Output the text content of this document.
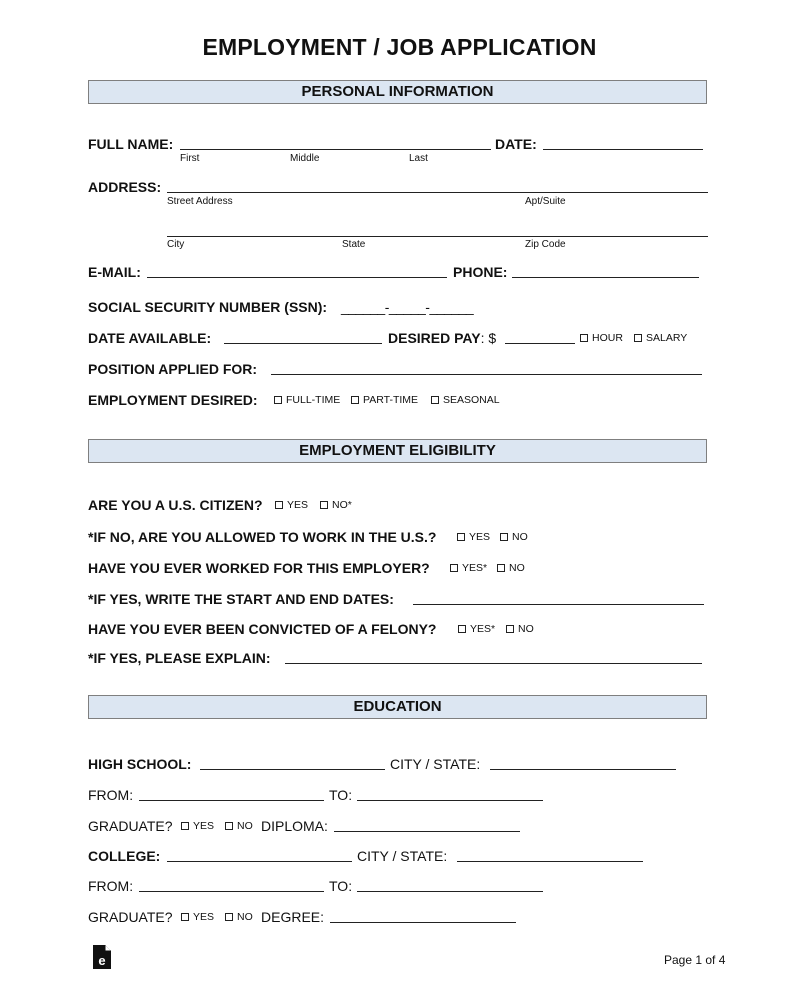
EMPLOYMENT / JOB APPLICATION
PERSONAL INFORMATION
FULL NAME:	DATE:
First	Middle	Last
ADDRESS:
Street Address	Apt/Suite
City	State	Zip Code
E-MAIL:	PHONE:
SOCIAL SECURITY NUMBER (SSN): ______-_____-______
DATE AVAILABLE:	DESIRED PAY: $	HOUR SALARY
POSITION APPLIED FOR:
EMPLOYMENT DESIRED:	FULL-TIME PART-TIME SEASONAL
EMPLOYMENT ELIGIBILITY
ARE YOU A U.S. CITIZEN? YES NO*
*IF NO, ARE YOU ALLOWED TO WORK IN THE U.S.?	YES NO
HAVE YOU EVER WORKED FOR THIS EMPLOYER?	YES* NO
*IF YES, WRITE THE START AND END DATES:
HAVE YOU EVER BEEN CONVICTED OF A FELONY?	YES* NO
*IF YES, PLEASE EXPLAIN:
EDUCATION
HIGH SCHOOL:	CITY / STATE:
FROM:	TO:
GRADUATE? YES NO DIPLOMA:
COLLEGE:	CITY / STATE:
FROM:	TO:
GRADUATE? YES NO DEGREE:
e	Page 1 of 4
